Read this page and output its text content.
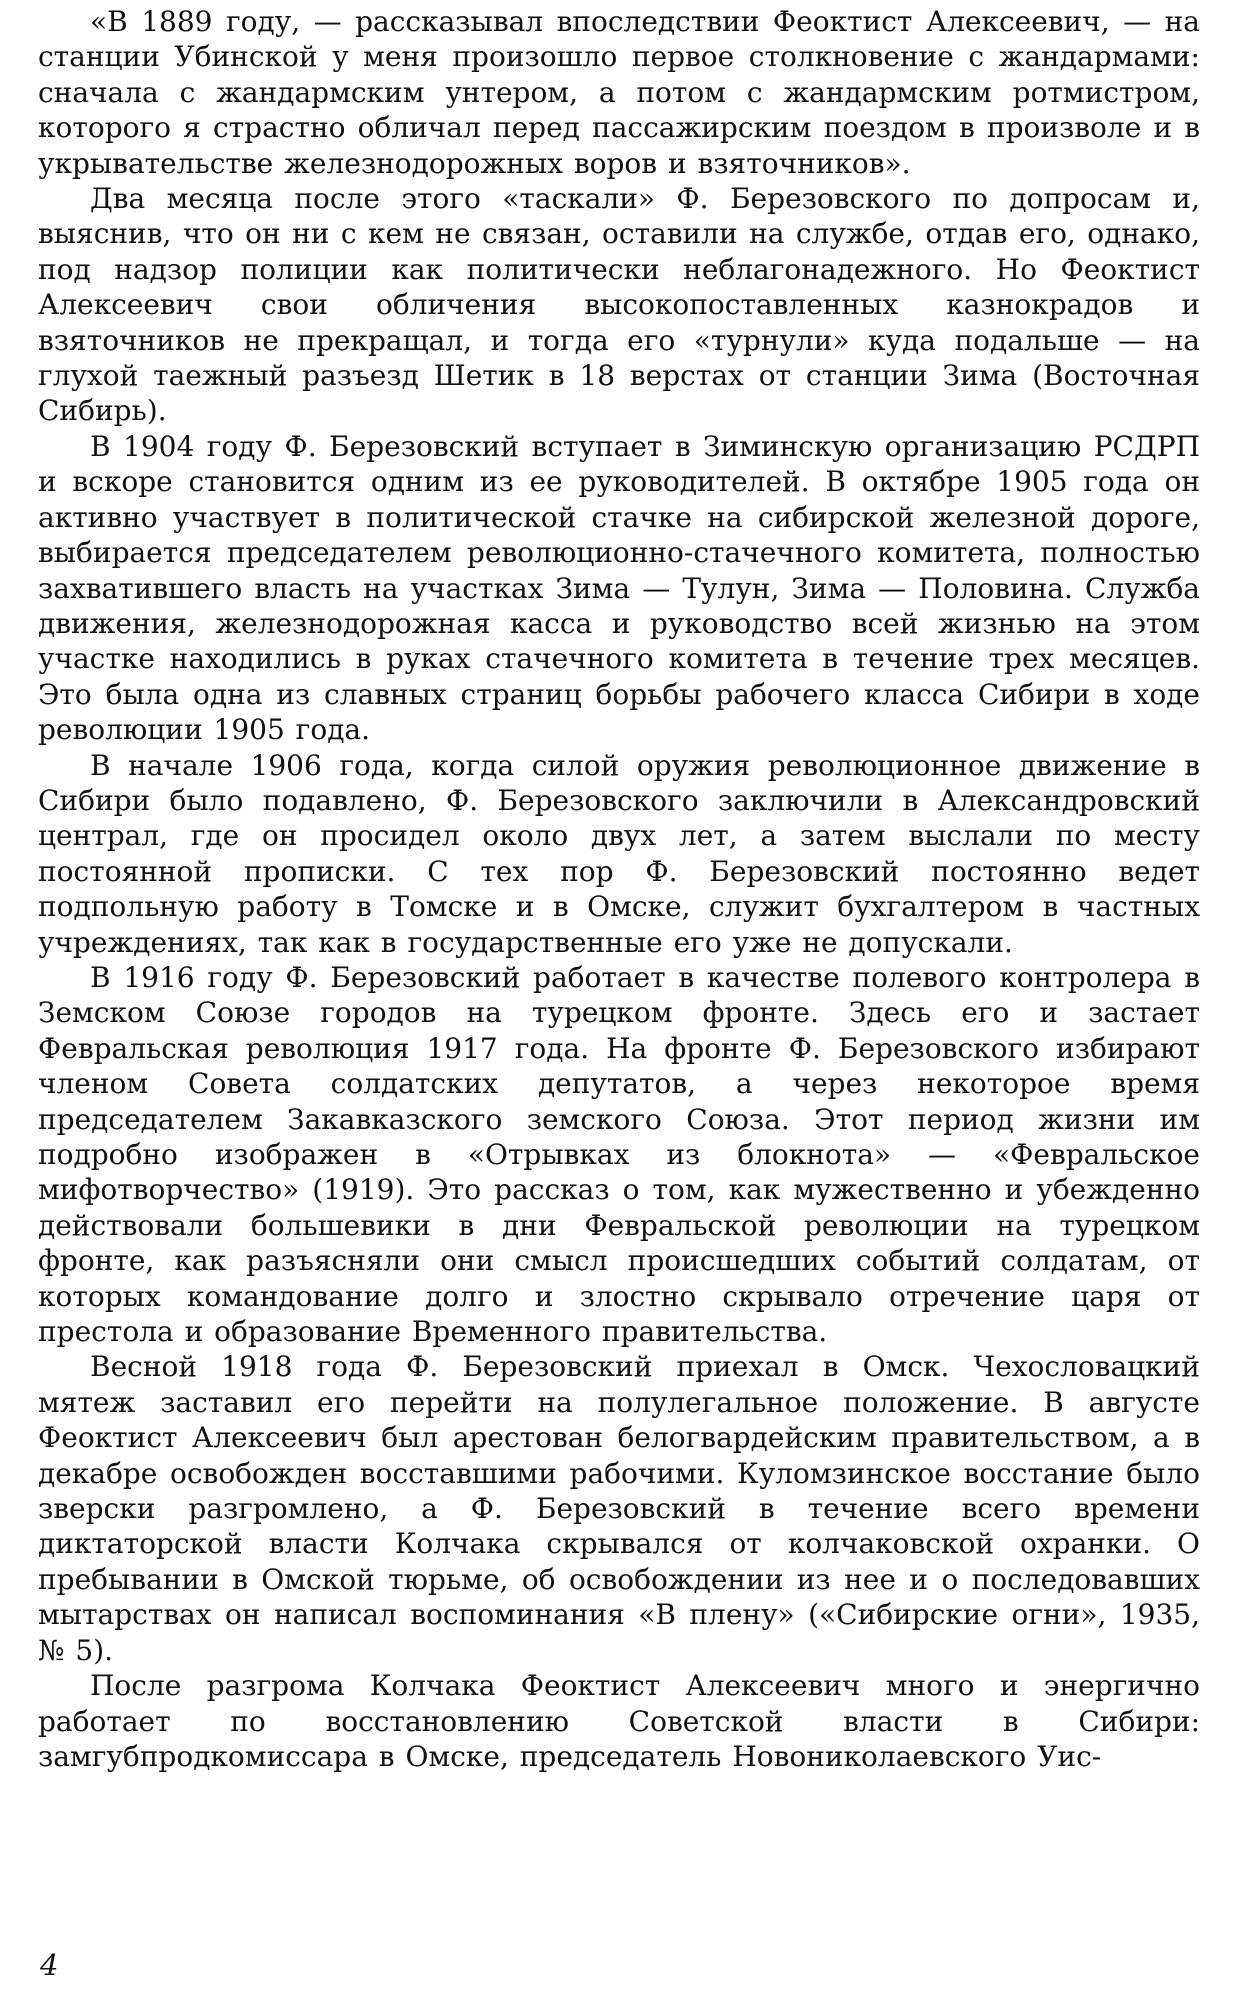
«В 1889 году, — рассказывал впоследствии Феоктист Алексеевич, — на станции Убинской у меня произошло первое столкновение с жандармами: сначала с жандармским унтером, а потом с жандармским ротмистром, которого я страстно обличал перед пассажирским поездом в произволе и в укрывательстве железнодорожных воров и взяточников».

Два месяца после этого «таскали» Ф. Березовского по допросам и, выяснив, что он ни с кем не связан, оставили на службе, отдав его, однако, под надзор полиции как политически неблагонадежного. Но Феоктист Алексеевич свои обличения высокопоставленных казнокрадов и взяточников не прекращал, и тогда его «турнули» куда подальше — на глухой таежный разъезд Шетик в 18 верстах от станции Зима (Восточная Сибирь).

В 1904 году Ф. Березовский вступает в Зиминскую организацию РСДРП и вскоре становится одним из ее руководителей. В октябре 1905 года он активно участвует в политической стачке на сибирской железной дороге, выбирается председателем революционно-стачечного комитета, полностью захватившего власть на участках Зима — Тулун, Зима — Половина. Служба движения, железнодорожная касса и руководство всей жизнью на этом участке находились в руках стачечного комитета в течение трех месяцев. Это была одна из славных страниц борьбы рабочего класса Сибири в ходе революции 1905 года.

В начале 1906 года, когда силой оружия революционное движение в Сибири было подавлено, Ф. Березовского заключили в Александровский централ, где он просидел около двух лет, а затем выслали по месту постоянной прописки. С тех пор Ф. Березовский постоянно ведет подпольную работу в Томске и в Омске, служит бухгалтером в частных учреждениях, так как в государственные его уже не допускали.

В 1916 году Ф. Березовский работает в качестве полевого контролера в Земском Союзе городов на турецком фронте. Здесь его и застает Февральская революция 1917 года. На фронте Ф. Березовского избирают членом Совета солдатских депутатов, а через некоторое время председателем Закавказского земского Союза. Этот период жизни им подробно изображен в «Отрывках из блокнота» — «Февральское мифотворчество» (1919). Это рассказ о том, как мужественно и убежденно действовали большевики в дни Февральской революции на турецком фронте, как разъясняли они смысл происшедших событий солдатам, от которых командование долго и злостно скрывало отречение царя от престола и образование Временного правительства.

Весной 1918 года Ф. Березовский приехал в Омск. Чехословацкий мятеж заставил его перейти на полулегальное положение. В августе Феоктист Алексеевич был арестован белогвардейским правительством, а в декабре освобожден восставшими рабочими. Куломзинское восстание было зверски разгромлено, а Ф. Березовский в течение всего времени диктаторской власти Колчака скрывался от колчаковской охранки. О пребывании в Омской тюрьме, об освобождении из нее и о последовавших мытарствах он написал воспоминания «В плену» («Сибирские огни», 1935, № 5).

После разгрома Колчака Феоктист Алексеевич много и энергично работает по восстановлению Советской власти в Сибири: замгубпродкомиссара в Омске, председатель Новониколаевского Уис-

4
